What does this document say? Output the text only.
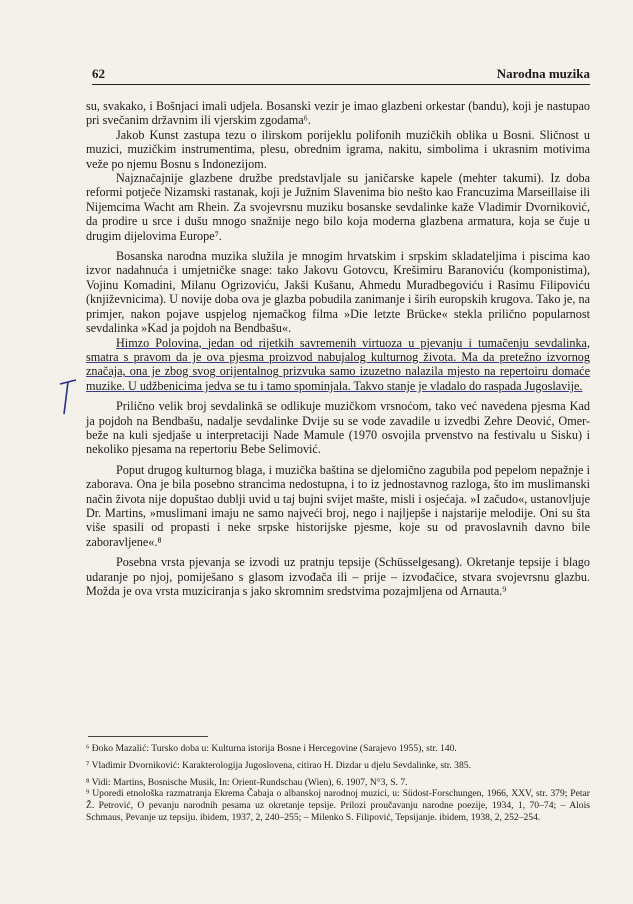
62	Narodna muzika

su, svakako, i Bošnjaci imali udjela. Bosanski vezir je imao glazbeni orkestar (bandu), koji je nastupao pri svečanim državnim ili vjerskim zgodama⁶.

Jakob Kunst zastupa tezu o ilirskom porijeklu polifonih muzičkih oblika u Bosni. Sličnost u muzici, muzičkim instrumentima, plesu, obrednim igrama, nakitu, simbolima i ukrasnim motivima veže po njemu Bosnu s Indonezijom.

Najznačajnije glazbene družbe predstavljale su janičarske kapele (mehter takumi). Iz doba reformi potječe Nizamski rastanak, koji je Južnim Slavenima bio nešto kao Francuzima Marseillaise ili Nijemcima Wacht am Rhein. Za svojevrsnu muziku bosanske sevdalinke kaže Vladimir Dvorniković, da prodire u srce i dušu mnogo snažnije nego bilo koja moderna glazbena armatura, koja se čuje u drugim dijelovima Europe⁷.

Bosanska narodna muzika služila je mnogim hrvatskim i srpskim skladateljima i piscima kao izvor nadahnuća i umjetničke snage: tako Jakovu Gotovcu, Krešimiru Baranoviću (komponistima), Vojinu Komadini, Milanu Ogrizoviću, Jakši Kušanu, Ahmedu Muradbegoviću i Rasimu Filipoviću (književnicima). U novije doba ova je glazba pobudila zanimanje i širih europskih krugova. Tako je, na primjer, nakon pojave uspjelog njemačkog filma »Die letzte Brücke« stekla prilično popularnost sevdalinka »Kad ja pojdoh na Bendbašu«.

Himzo Polovina, jedan od rijetkih savremenih virtuoza u pjevanju i tumačenju sevdalinka, smatra s pravom da je ova pjesma proizvod nabujalog kulturnog života. Ma da pretežno izvornog značaja, ona je zbog svog orijentalnog prizvuka samo izuzetno nalazila mjesto na repertoiru domaće muzike. U udžbenicima jedva se tu i tamo spominjala. Takvo stanje je vladalo do raspada Jugoslavije.

Prilično velik broj sevdalinkā se odlikuje muzičkom vrsnoćom, tako već navedena pjesma Kad ja pojdoh na Bendbašu, nadalje sevdalinke Dvije su se vode zavadile u izvedbi Zehre Deović, Omer-beže na kuli sjedjaše u interpretaciji Nade Mamule (1970 osvojila prvenstvo na festivalu u Sisku) i nekoliko pjesama na repertoriu Bebe Selimović.

Poput drugog kulturnog blaga, i muzička baština se djelomično zagubila pod pepelom nepažnje i zaborava. Ona je bila posebno strancima nedostupna, i to iz jednostavnog razloga, što im muslimanski način života nije dopuštao dublji uvid u taj bujni svijet mašte, misli i osjećaja. »I začudo«, ustanovljuje Dr. Martins, »muslimani imaju ne samo najveći broj, nego i najljepše i najstarije melodije. Oni su šta više spasili od propasti i neke srpske historijske pjesme, koje su od pravoslavnih davno bile zaboravljene«.⁸

Posebna vrsta pjevanja se izvodi uz pratnju tepsije (Schüsselgesang). Okretanje tepsije i blago udaranje po njoj, pomiješano s glasom izvođača ili – prije – izvođačice, stvara svojevrsnu glazbu. Možda je ova vrsta muziciranja s jako skromnim sredstvima pozajmljena od Arnauta.⁹

⁶ Đoko Mazalić: Tursko doba u: Kulturna istorija Bosne i Hercegovine (Sarajevo 1955), str. 140.

⁷ Vladimir Dvorniković: Karakterologija Jugoslovena, citirao H. Dizdar u djelu Sevdalinke, str. 385.

⁸ Vidi: Martins, Bosnische Musik, In: Orient-Rundschau (Wien), 6. 1907, N°3, S. 7.

⁹ Uporedi etnološka razmatranja Ekrema Čabaja o albanskoj narodnoj muzici, u: Südost-Forschungen, 1966, XXV, str. 379; Petar Ž. Petrović, O pevanju narodnih pesama uz okretanje tepsije. Prilozi proučavanju narodne poezije, 1934, 1, 70–74; – Alois Schmaus, Pevanje uz tepsiju. ibidem, 1937, 2, 240–255; – Milenko S. Filipović, Tepsijanje. ibidem, 1938, 2, 252–254.
